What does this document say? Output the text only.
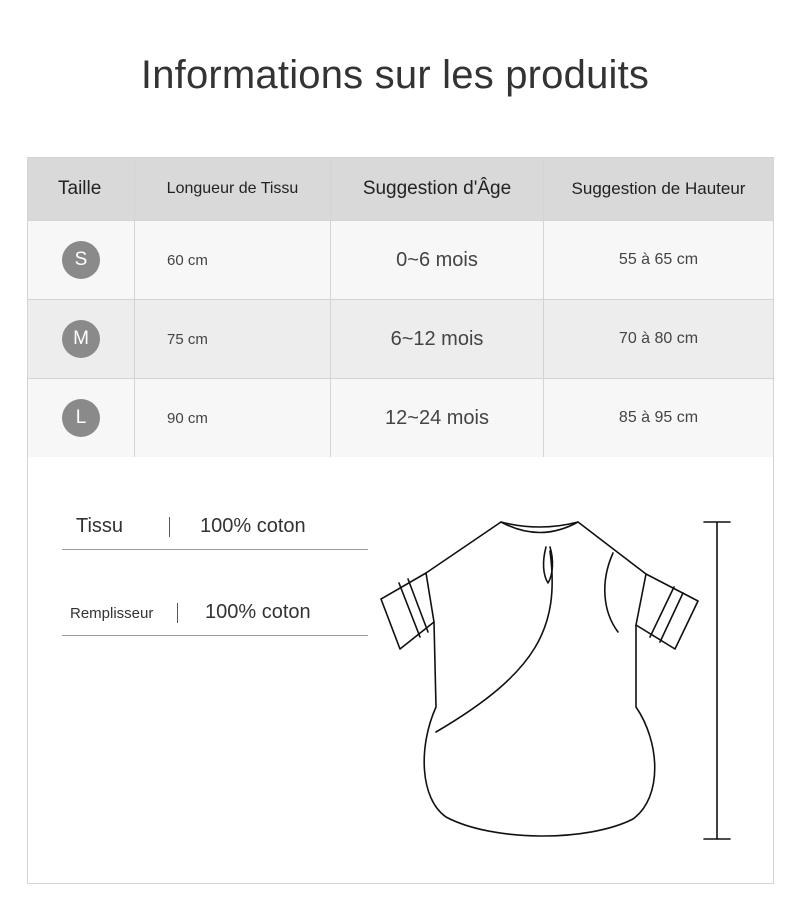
Informations sur les produits
Taille	Longueur de Tissu	Suggestion d'Âge	Suggestion de Hauteur
S	60 cm	0~6 mois	55 à 65 cm
M	75 cm	6~12 mois	70 à 80 cm
L	90 cm	12~24 mois	85 à 95 cm
Tissu	100% coton
Remplisseur	100% coton
